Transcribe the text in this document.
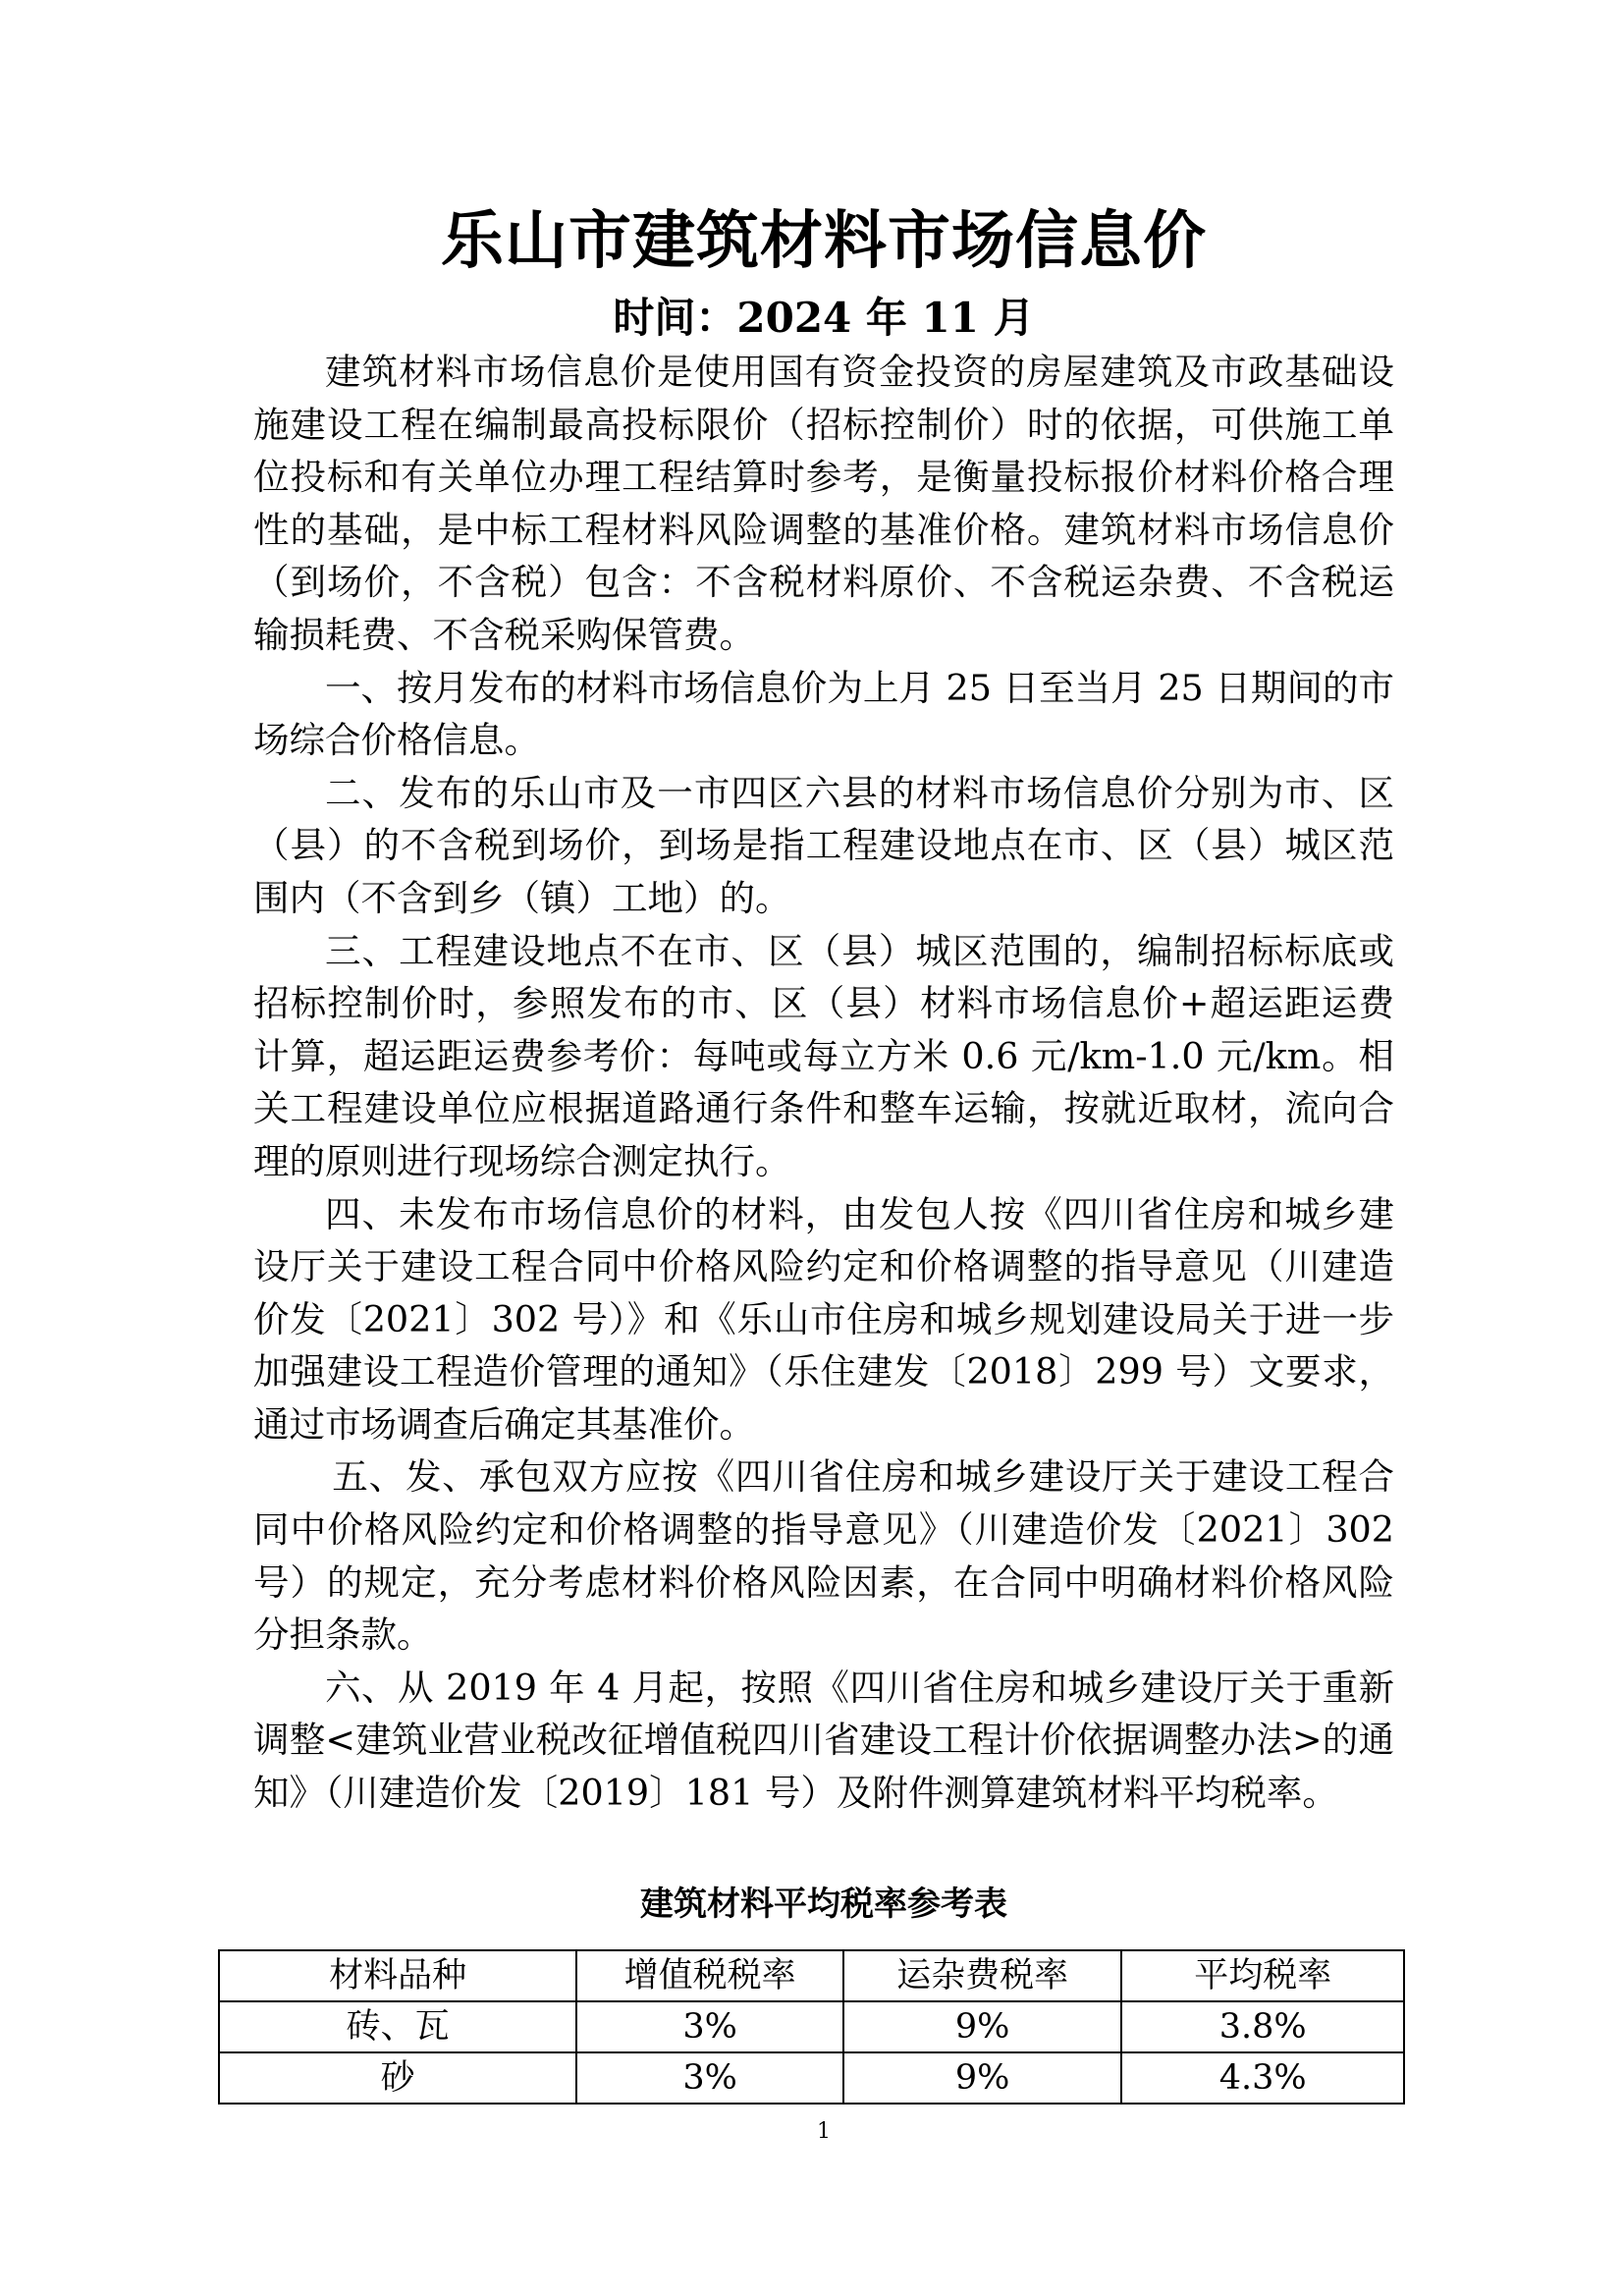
乐山市建筑材料市场信息价
时间：2024 年 11 月

建筑材料市场信息价是使用国有资金投资的房屋建筑及市政基础设施建设工程在编制最高投标限价（招标控制价）时的依据，可供施工单位投标和有关单位办理工程结算时参考，是衡量投标报价材料价格合理性的基础，是中标工程材料风险调整的基准价格。建筑材料市场信息价（到场价，不含税）包含：不含税材料原价、不含税运杂费、不含税运输损耗费、不含税采购保管费。

一、按月发布的材料市场信息价为上月 25 日至当月 25 日期间的市场综合价格信息。

二、发布的乐山市及一市四区六县的材料市场信息价分别为市、区（县）的不含税到场价，到场是指工程建设地点在市、区（县）城区范围内（不含到乡（镇）工地）的。

三、工程建设地点不在市、区（县）城区范围的，编制招标标底或招标控制价时，参照发布的市、区（县）材料市场信息价+超运距运费计算，超运距运费参考价：每吨或每立方米 0.6 元/km-1.0 元/km。相关工程建设单位应根据道路通行条件和整车运输，按就近取材，流向合理的原则进行现场综合测定执行。

四、未发布市场信息价的材料，由发包人按《四川省住房和城乡建设厅关于建设工程合同中价格风险约定和价格调整的指导意见（川建造价发〔2021〕302 号）》和《乐山市住房和城乡规划建设局关于进一步加强建设工程造价管理的通知》（乐住建发〔2018〕299 号）文要求，通过市场调查后确定其基准价。

五、发、承包双方应按《四川省住房和城乡建设厅关于建设工程合同中价格风险约定和价格调整的指导意见》（川建造价发〔2021〕302 号）的规定，充分考虑材料价格风险因素，在合同中明确材料价格风险分担条款。

六、从 2019 年 4 月起，按照《四川省住房和城乡建设厅关于重新调整<建筑业营业税改征增值税四川省建设工程计价依据调整办法>的通知》（川建造价发〔2019〕181 号）及附件测算建筑材料平均税率。

建筑材料平均税率参考表
材料品种	增值税税率	运杂费税率	平均税率
砖、瓦	3%	9%	3.8%
砂	3%	9%	4.3%
1
